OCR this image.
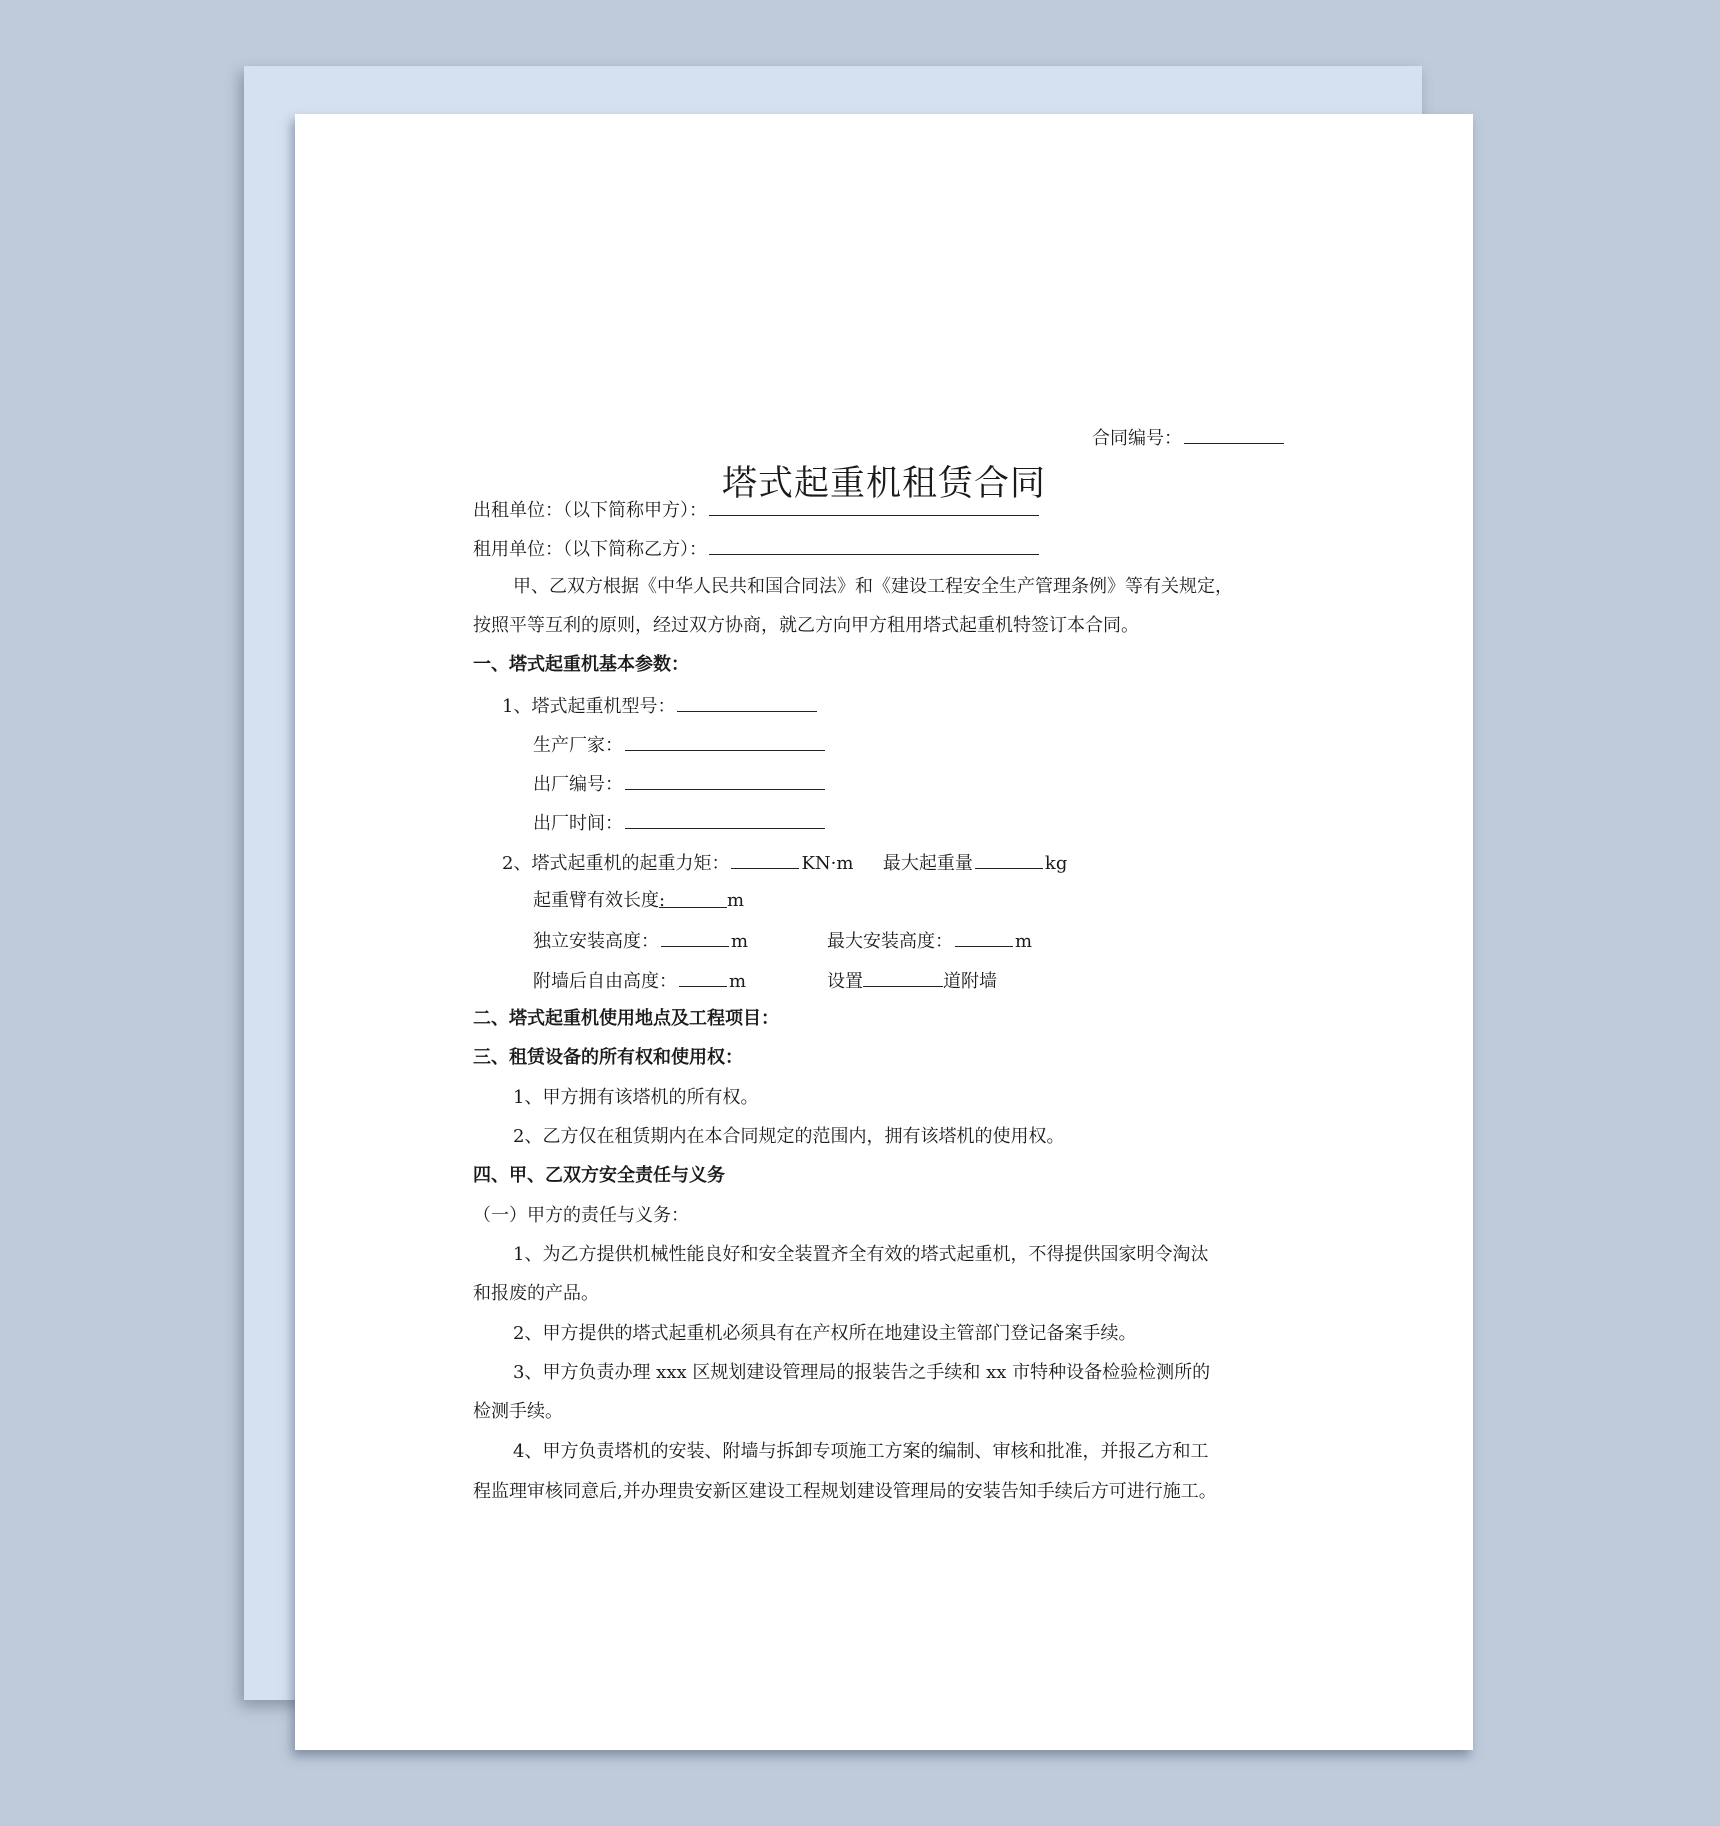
塔式起重机租赁合同
合同编号：
出租单位：（以下简称甲方）：
租用单位：（以下简称乙方）：
甲、乙双方根据《中华人民共和国合同法》和《建设工程安全生产管理条例》等有关规定，
按照平等互利的原则，经过双方协商，就乙方向甲方租用塔式起重机特签订本合同。
一、塔式起重机基本参数：
1、塔式起重机型号：
生产厂家：
出厂编号：
出厂时间：
2、塔式起重机的起重力矩：	KN·m 最大起重量	kg
起重臂有效长度:	m
独立安装高度：	m	最大安装高度：	m
附墙后自由高度：	m	设置	道附墙
二、塔式起重机使用地点及工程项目：
三、租赁设备的所有权和使用权：
1、甲方拥有该塔机的所有权。
2、乙方仅在租赁期内在本合同规定的范围内，拥有该塔机的使用权。
四、甲、乙双方安全责任与义务
（一）甲方的责任与义务：
1、为乙方提供机械性能良好和安全装置齐全有效的塔式起重机，不得提供国家明令淘汰
和报废的产品。
2、甲方提供的塔式起重机必须具有在产权所在地建设主管部门登记备案手续。
3、甲方负责办理 xxx 区规划建设管理局的报装告之手续和 xx 市特种设备检验检测所的
检测手续。
4、甲方负责塔机的安装、附墙与拆卸专项施工方案的编制、审核和批准，并报乙方和工
程监理审核同意后,并办理贵安新区建设工程规划建设管理局的安装告知手续后方可进行施工。
